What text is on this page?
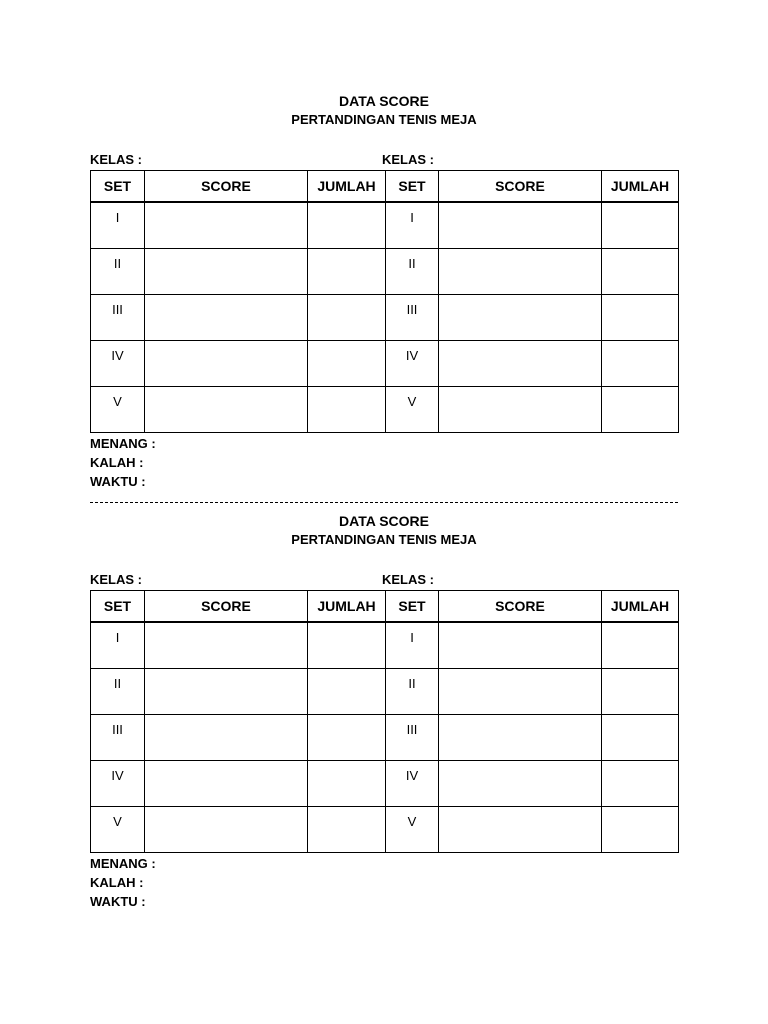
DATA SCORE
PERTANDINGAN TENIS MEJA
KELAS :	KELAS :
SET	SCORE	JUMLAH	SET	SCORE	JUMLAH
I			I		
II			II		
III			III		
IV			IV		
V			V		
MENANG :
KALAH :
WAKTU :
DATA SCORE
PERTANDINGAN TENIS MEJA
KELAS :	KELAS :
SET	SCORE	JUMLAH	SET	SCORE	JUMLAH
I			I		
II			II		
III			III		
IV			IV		
V			V		
MENANG :
KALAH :
WAKTU :
